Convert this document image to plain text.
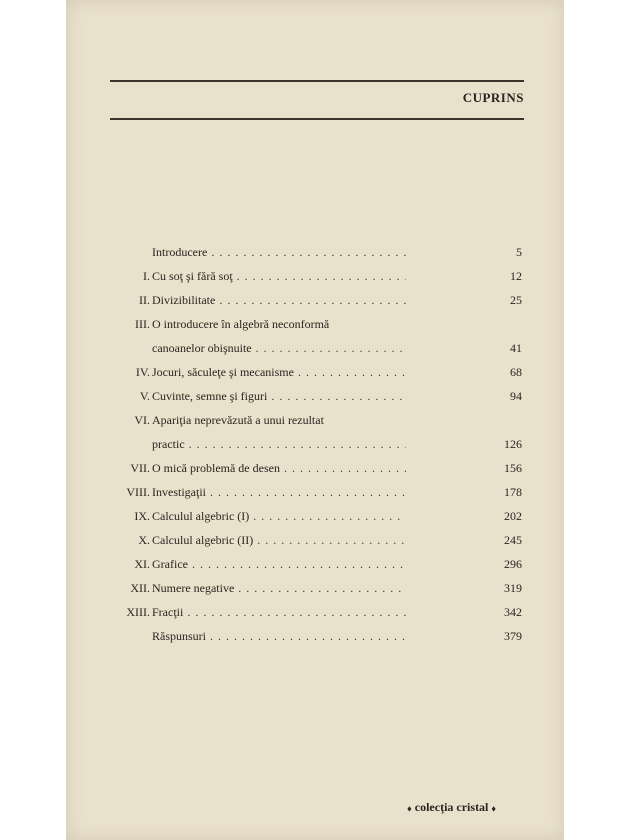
CUPRINS
Introducere . . .	5
I. Cu soţ şi fără soţ . . .	12
II. Divizibilitate . . .	25
III. O introducere în algebră neconformă
canoanelor obişnuite . . .	41
IV. Jocuri, săculeţe şi mecanisme . . .	68
V. Cuvinte, semne şi figuri . . .	94
VI. Apariţia neprevăzută a unui rezultat
practic . . .	126
VII. O mică problemă de desen . . .	156
VIII. Investigaţii . . .	178
IX. Calculul algebric (I) . . .	202
X. Calculul algebric (II) . . .	245
XI. Grafice . . .	296
XII. Numere negative . . .	319
XIII. Fracţii . . .	342
Răspunsuri . . .	379
♦ colecţia cristal ♦
